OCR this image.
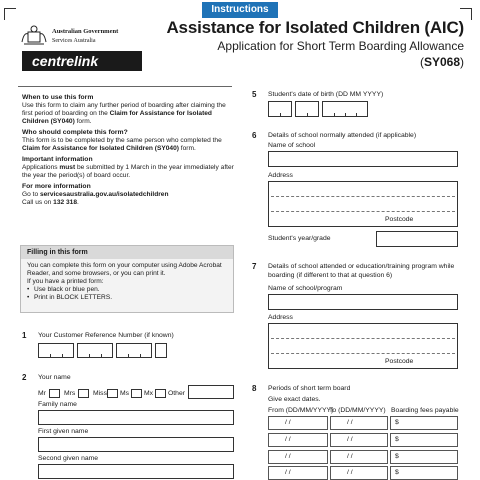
Instructions
Australian Government
Services Australia
centrelink
Assistance for Isolated Children (AIC)
Application for Short Term Boarding Allowance
(SY068)
When to use this form
Use this form to claim any further period of boarding after claiming the first period of boarding on the Claim for Assistance for Isolated Children (SY040) form.
Who should complete this form?
This form is to be completed by the same person who completed the Claim for Assistance for Isolated Children (SY040) form.
Important information
Applications must be submitted by 1 March in the year immediately after the year the period(s) of board occur.
For more information
Go to servicesaustralia.gov.au/isolatedchildren
Call us on 132 318.
Filling in this form
You can complete this form on your computer using Adobe Acrobat Reader, and some browsers, or you can print it.
If you have a printed form:
• Use black or blue pen.
• Print in BLOCK LETTERS.
1 Your Customer Reference Number (if known)
2 Your name
Mr	Mrs	Miss Ms Mx Other
Family name
First given name
Second given name
5 Student's date of birth (DD MM YYYY)
6 Details of school normally attended (if applicable)
Name of school
Address
Postcode
Student's year/grade
7 Details of school attended or education/training program while boarding (if different to that at question 6)
Name of school/program
Address
Postcode
8 Periods of short term board
Give exact dates.
From (DD/MM/YYYY)
To (DD/MM/YYYY) Boarding fees payable
/ /	/ /	$
/ /	/ /	$
/ /	/ /	$
/ /	/ /	$
